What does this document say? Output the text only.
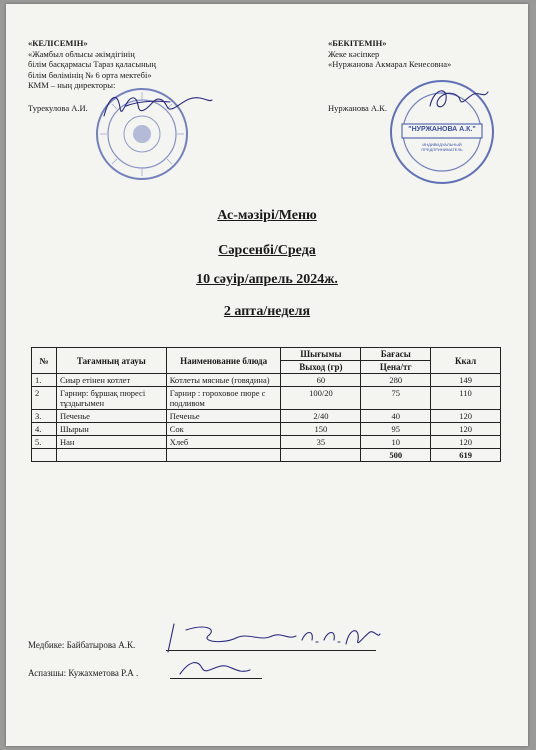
«КЕЛІСЕМІН»
«Жамбыл облысы әкімдігінің
білім басқармасы Тараз қаласының
білім бөлімінің № 6 орта мектебі»
КММ – ның директоры:
Турекулова А.И.
«БЕКІТЕМІН»
Жеке кәсіпкер
«Нуржанова Акмарал Кенесовна»
Нуржанова А.К.
"НУРЖАНОВА А.К."
ИНДИВИДУАЛЬНЫЙ
ПРЕДПРИНИМАТЕЛЬ
Ас-мәзірі/Меню
Сәрсенбі/Среда
10 сәуір/апрель 2024ж.
2 апта/неделя
№	Тағамның атауы	Наименование блюда	Шығымы	Бағасы	Ккал
			Выход (гр)	Цена/тг	
1.	Сиыр етінен котлет	Котлеты мясные (говядина)	60	280	149
2	Гарнир: бұршақ пюресі тұздығымен	Гарнир : гороховое пюре с подливом	100/20	75	110
3.	Печенье	Печенье	2/40	40	120
4.	Шырын	Сок	150	95	120
5.	Нан	Хлеб	35	10	120
				500	619
Медбике: Байбатырова А.К.
Аспазшы: Кужахметова Р.А .
